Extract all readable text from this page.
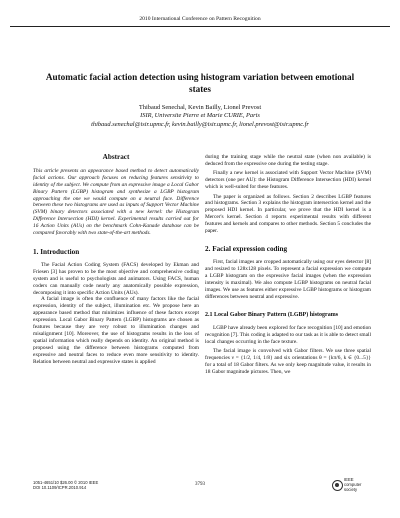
2010 International Conference on Pattern Recognition
Automatic facial action detection using histogram variation between emotional states
Thibaud Senechal, Kevin Bailly, Lionel Prevost
ISIR, Universite Pierre et Marie CURIE, Paris
thibaud.senechal@isir.upmc.fr, kevin.bailly@isir.upmc.fr, lionel.prevost@isir.upmc.fr
Abstract
This article presents an appearance based method to detect automatically facial actions. Our approach focuses on reducing features sensitivity to identity of the subject. We compute from an expressive image a Local Gabor Binary Pattern (LGBP) histogram and synthesize a LGBP histogram approaching the one we would compute on a neutral face. Difference between these two histograms are used as inputs of Support Vector Machine (SVM) binary detectors associated with a new kernel: the Histogram Difference Intersection (HDI) kernel. Experimental results carried out for 16 Action Units (AUs) on the benchmark Cohn-Kanade database can be compared favorably with two state-of-the-art methods.
1. Introduction

The Facial Action Coding System (FACS) developed by Ekman and Friesen [3] has proven to be the most objective and comprehensive coding system and is useful to psychologists and animators. Using FACS, human coders can manually code nearly any anatomically possible expression, decomposing it into specific Action Units (AUs).

A facial image is often the confluence of many factors like the facial expression, identity of the subject, illumination etc. We propose here an appearance based method that minimizes influence of these factors except expression. Local Gabor Binary Pattern (LGBP) histograms are chosen as features because they are very robust to illumination changes and misalignment [10]. Moreover, the use of histograms results in the loss of spatial information which really depends on identity. An original method is proposed using the difference between histograms computed from expressive and neutral faces to reduce even more sensitivity to identity. Relation between neutral and expressive states is applied

during the training stage while the neutral state (when non available) is deduced from the expressive one during the testing stage.

Finally a new kernel is associated with Support Vector Machine (SVM) detectors (one per AU): the Histogram Difference Intersection (HDI) kernel which is well-suited for these features.

The paper is organized as follows. Section 2 describes LGBP features and histograms. Section 3 explains the histogram intersection kernel and the proposed HDI kernel. In particular, we prove that the HDI kernel is a Mercer's kernel. Section 4 reports experimental results with different features and kernels and compares to other methods. Section 5 concludes the paper.

2. Facial expression coding

First, facial images are cropped automatically using our eyes detector [8] and resized to 128x128 pixels. To represent a facial expression we compute a LGBP histogram on the expressive facial images (when the expression intensity is maximal). We also compute LGBP histograms on neutral facial images. We use as features either expressive LGBP histograms or histogram differences between neutral and expressive.

2.1 Local Gabor Binary Pattern (LGBP) histograms

LGBP have already been explored for face recognition [10] and emotion recognition [7]. This coding is adapted to our task as it is able to detect small local changes occurring in the face texture.

The facial image is convolved with Gabor filters. We use three spatial frequencies ν = {1/2, 1/4, 1/8} and six orientations θ = {kπ/6, k ∈ {0...5}} for a total of 18 Gabor filters. As we only keep magnitude value, it results in 18 Gabor magnitude pictures. Then, we

1051-4651/10 $26.00 © 2010 IEEE
DOI 10.1109/ICPR.2010.914
3793
IEEE computer society
